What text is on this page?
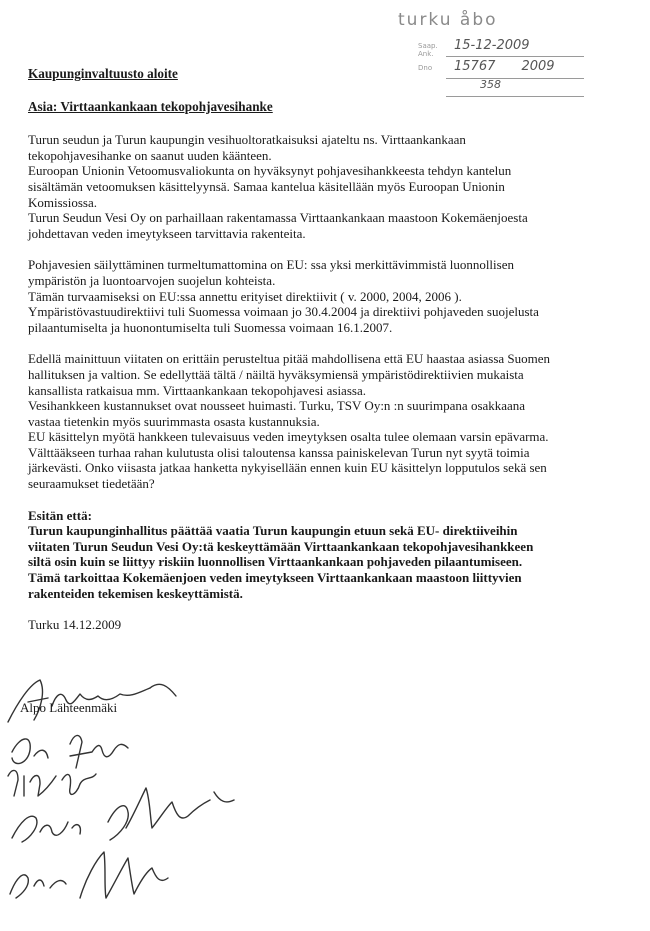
turku åbo
Saap. Ank.
15-12-2009
Dno 15767 2009
358
Kaupunginvaltuusto aloite
Asia: Virttaankankaan tekopohjavesihanke

Turun seudun ja Turun kaupungin vesihuoltoratkaisuksi ajateltu ns. Virttaankankaan

tekopohjavesihanke on saanut uuden käänteen.

Euroopan Unionin Vetoomusvaliokunta on hyväksynyt pohjavesihankkeesta tehdyn kantelun

sisältämän vetoomuksen käsittelyynsä. Samaa kantelua käsitellään myös Euroopan Unionin

Komissiossa.

Turun Seudun Vesi Oy on parhaillaan rakentamassa Virttaankankaan maastoon Kokemäenjoesta

johdettavan veden imeytykseen tarvittavia rakenteita.

Pohjavesien säilyttäminen turmeltumattomina on EU: ssa yksi merkittävimmistä luonnollisen

ympäristön ja luontoarvojen suojelun kohteista.

Tämän turvaamiseksi on EU:ssa annettu erityiset direktiivit ( v. 2000, 2004, 2006 ).

Ympäristövastuudirektiivi tuli Suomessa voimaan jo 30.4.2004 ja direktiivi pohjaveden suojelusta

pilaantumiselta ja huonontumiselta tuli Suomessa voimaan 16.1.2007.

Edellä mainittuun viitaten on erittäin perusteltua pitää mahdollisena että EU haastaa asiassa Suomen

hallituksen ja valtion. Se edellyttää tältä / näiltä hyväksymiensä ympäristödirektiivien mukaista

kansallista ratkaisua mm. Virttaankankaan tekopohjavesi asiassa.

Vesihankkeen kustannukset ovat nousseet huimasti. Turku, TSV Oy:n :n suurimpana osakkaana

vastaa tietenkin myös suurimmasta osasta kustannuksia.

EU käsittelyn myötä hankkeen tulevaisuus veden imeytyksen osalta tulee olemaan varsin epävarma.

Välttääkseen turhaa rahan kulutusta olisi taloutensa kanssa painiskelevan Turun nyt syytä toimia

järkevästi. Onko viisasta jatkaa hanketta nykyisellään ennen kuin EU käsittelyn lopputulos sekä sen

seuraamukset tiedetään?

Esitän että:

Turun kaupunginhallitus päättää vaatia Turun kaupungin etuun sekä EU- direktiiveihin

viitaten Turun Seudun Vesi Oy:tä keskeyttämään Virttaankankaan tekopohjavesihankkeen

siltä osin kuin se liittyy riskiin luonnollisen Virttaankankaan pohjaveden pilaantumiseen.

Tämä tarkoittaa Kokemäenjoen veden imeytykseen Virttaankankaan maastoon liittyvien

rakenteiden tekemisen keskeyttämistä.

Turku 14.12.2009
Alpo Lähteenmäki
